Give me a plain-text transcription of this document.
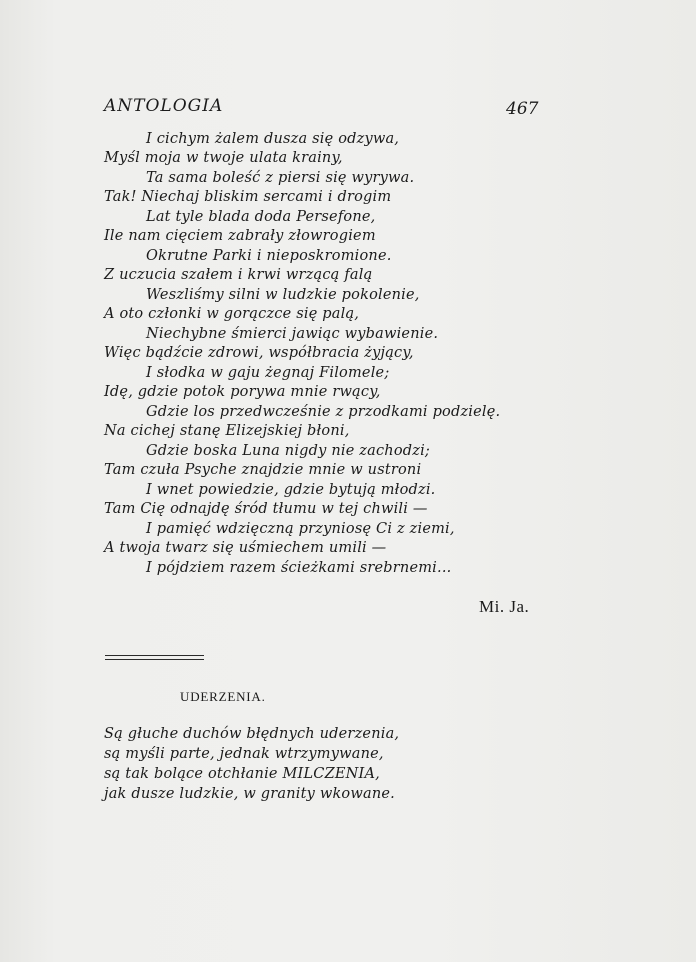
ANTOLOGIA	467
I cichym żalem dusza się odzywa,
Myśl moja w twoje ulata krainy,
Ta sama boleść z piersi się wyrywa.
Tak! Niechaj bliskim sercami i drogim
Lat tyle blada doda Persefone,
Ile nam cięciem zabrały złowrogiem
Okrutne Parki i nieposkromione.
Z uczucia szałem i krwi wrzącą falą
Weszliśmy silni w ludzkie pokolenie,
A oto członki w gorączce się palą,
Niechybne śmierci jawiąc wybawienie.
Więc bądźcie zdrowi, współbracia żyjący,
I słodka w gaju żegnaj Filomele;
Idę, gdzie potok porywa mnie rwący,
Gdzie los przedwcześnie z przodkami podzielę.
Na cichej stanę Elizejskiej błoni,
Gdzie boska Luna nigdy nie zachodzi;
Tam czuła Psyche znajdzie mnie w ustroni
I wnet powiedzie, gdzie bytują młodzi.
Tam Cię odnajdę śród tłumu w tej chwili —
I pamięć wdzięczną przyniosę Ci z ziemi,
A twoja twarz się uśmiechem umili —
I pójdziem razem ścieżkami srebrnemi...
Mi. Ja.
UDERZENIA.
Są głuche duchów błędnych uderzenia,
są myśli parte, jednak wtrzymywane,
są tak bolące otchłanie MILCZENIA,
jak dusze ludzkie, w granity wkowane.
